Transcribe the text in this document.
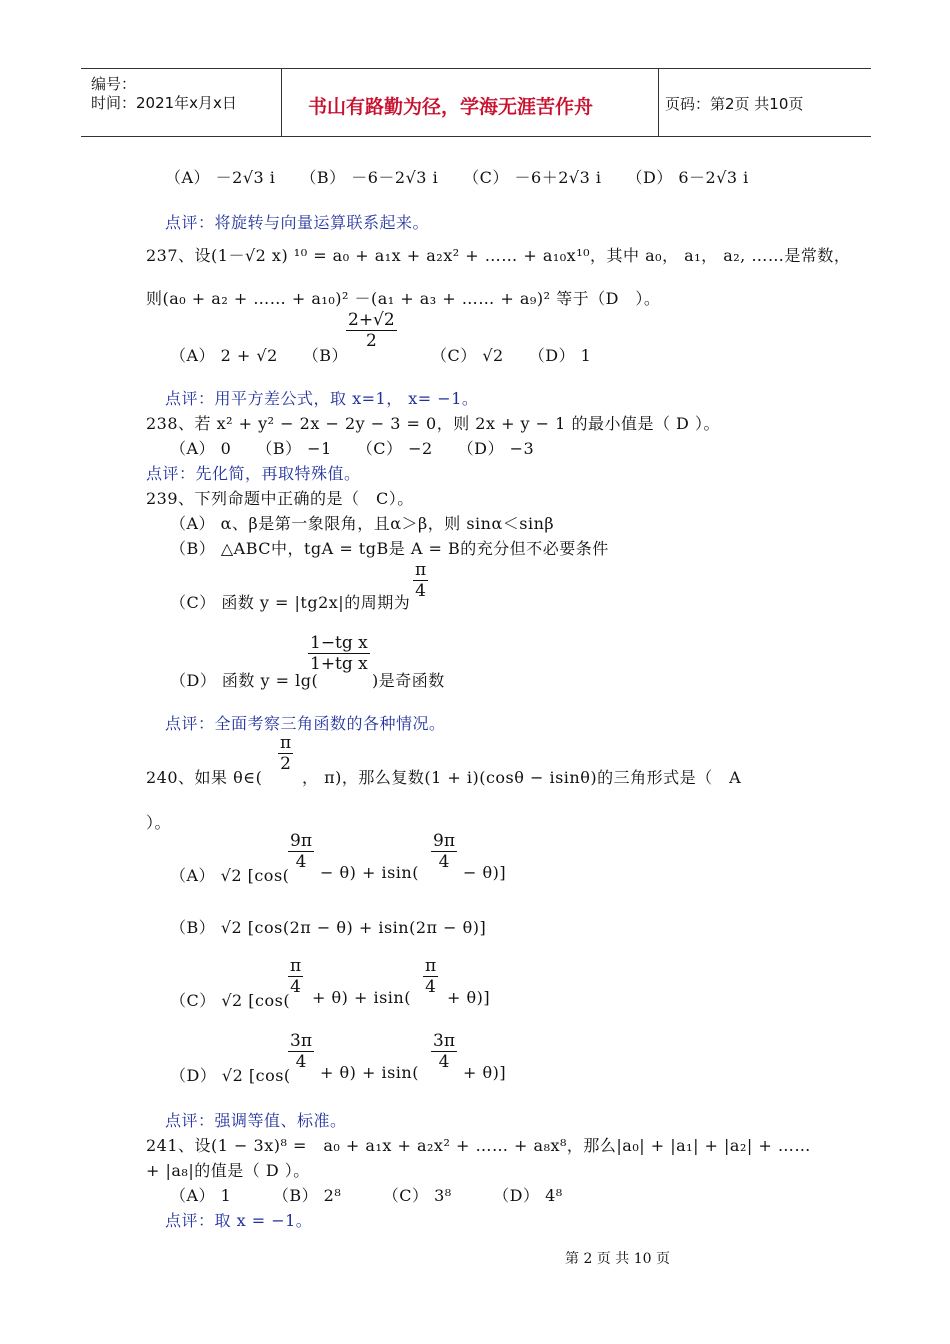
编号：
时间：2021年x月x日	书山有路勤为径，学海无涯苦作舟	页码：第2页 共10页
（A） －2√3 i　　（B） －6－2√3 i　　（C） －6＋2√3 i　　（D） 6－2√3 i
点评：将旋转与向量运算联系起来。
237、设(1－√2 x) ¹⁰ = a₀ + a₁x + a₂x² + …… + a₁₀x¹⁰，其中 a₀， a₁， a₂, ……是常数，
则(a₀ + a₂ + …… + a₁₀)² －(a₁ + a₃ + …… + a₉)² 等于（D　）。
（A） 2 + √2　　（B）　　　　　　（C） √2　　（D） 1
$\frac{2+√2}{2}$
点评：用平方差公式，取 x=1， x= −1。
238、若 x² + y² − 2x − 2y − 3 = 0，则 2x + y − 1 的最小值是（ D ）。
（A） 0　　（B） −1　　（C） −2　　（D） −3
点评：先化简，再取特殊值。
239、下列命题中正确的是（　C）。
（A） α、β是第一象限角，且α＞β，则 sinα＜sinβ
（B） △ABC中，tgA = tgB是 A = B的充分但不必要条件
（C） 函数 y = |tg2x|的周期为
$\frac{\pi}{4}$
（D） 函数 y = lg(
$\frac{\text{1−tg x}}{\text{1+tg x}}$
)是奇函数
点评：全面考察三角函数的各种情况。
240、如果 θ∈(
$\frac{\pi}{2}$
， π)，那么复数(1 + i)(cosθ − isinθ)的三角形式是（　A
）。
（A） √2 [cos(
$\frac{9\pi}{4}$
− θ) + isin(
$\frac{9\pi}{4}$
− θ)]
（B） √2 [cos(2π − θ) + isin(2π − θ)]
（C） √2 [cos(
$\frac{\pi}{4}$
+ θ) + isin(
$\frac{\pi}{4}$
+ θ)]
（D） √2 [cos(
$\frac{3\pi}{4}$
+ θ) + isin(
$\frac{3\pi}{4}$
+ θ)]
点评：强调等值、标准。
241、设(1 − 3x)⁸ =　a₀ + a₁x + a₂x² + …… + a₈x⁸，那么|a₀| + |a₁| + |a₂| + ……
+ |a₈|的值是（ D ）。
（A） 1　　　（B） 2⁸　　　（C） 3⁸　　　（D） 4⁸
点评：取 x = −1。
第 2 页 共 10 页
